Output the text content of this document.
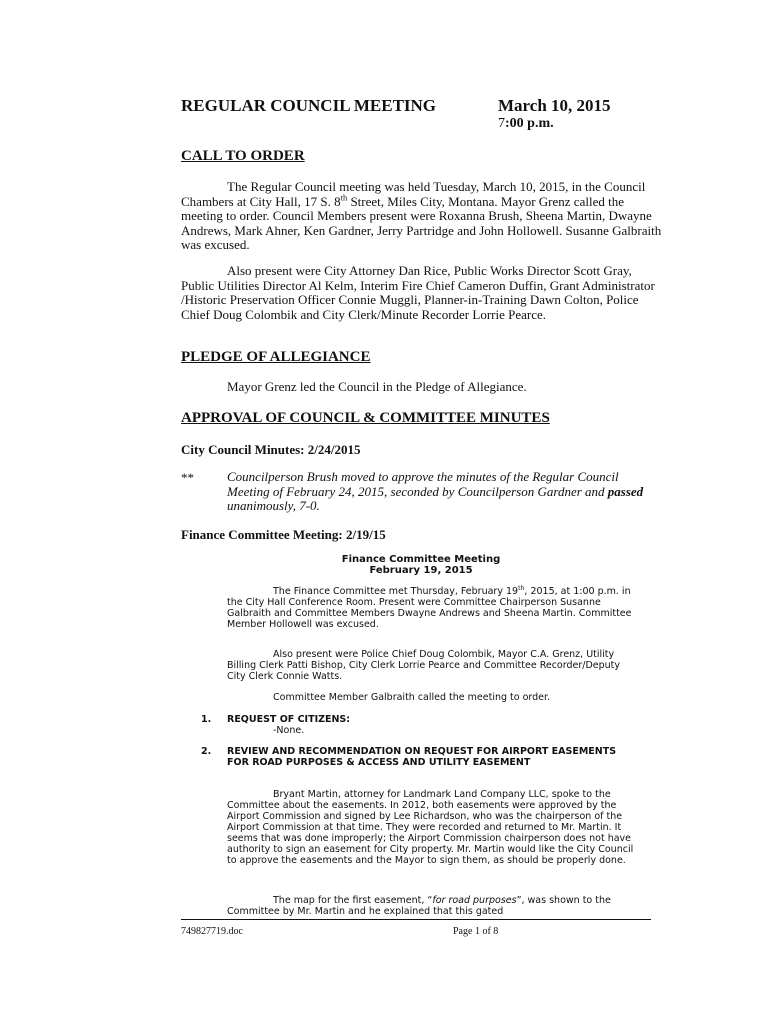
REGULAR COUNCIL MEETING	March 10, 2015
7:00 p.m.
CALL TO ORDER
The Regular Council meeting was held Tuesday, March 10, 2015, in the Council Chambers at City Hall, 17 S. 8th Street, Miles City, Montana. Mayor Grenz called the meeting to order. Council Members present were Roxanna Brush, Sheena Martin, Dwayne Andrews, Mark Ahner, Ken Gardner, Jerry Partridge and John Hollowell. Susanne Galbraith was excused.
Also present were City Attorney Dan Rice, Public Works Director Scott Gray, Public Utilities Director Al Kelm, Interim Fire Chief Cameron Duffin, Grant Administrator /Historic Preservation Officer Connie Muggli, Planner-in-Training Dawn Colton, Police Chief Doug Colombik and City Clerk/Minute Recorder Lorrie Pearce.
PLEDGE OF ALLEGIANCE
Mayor Grenz led the Council in the Pledge of Allegiance.
APPROVAL OF COUNCIL & COMMITTEE MINUTES
City Council Minutes: 2/24/2015
**	Councilperson Brush moved to approve the minutes of the Regular Council Meeting of February 24, 2015, seconded by Councilperson Gardner and passed unanimously, 7-0.
Finance Committee Meeting: 2/19/15
Finance Committee Meeting
February 19, 2015
The Finance Committee met Thursday, February 19th, 2015, at 1:00 p.m. in the City Hall Conference Room. Present were Committee Chairperson Susanne Galbraith and Committee Members Dwayne Andrews and Sheena Martin. Committee Member Hollowell was excused.
Also present were Police Chief Doug Colombik, Mayor C.A. Grenz, Utility Billing Clerk Patti Bishop, City Clerk Lorrie Pearce and Committee Recorder/Deputy City Clerk Connie Watts.
Committee Member Galbraith called the meeting to order.
1. REQUEST OF CITIZENS:
-None.
2. REVIEW AND RECOMMENDATION ON REQUEST FOR AIRPORT EASEMENTS FOR ROAD PURPOSES & ACCESS AND UTILITY EASEMENT
Bryant Martin, attorney for Landmark Land Company LLC, spoke to the Committee about the easements. In 2012, both easements were approved by the Airport Commission and signed by Lee Richardson, who was the chairperson of the Airport Commission at that time. They were recorded and returned to Mr. Martin. It seems that was done improperly; the Airport Commission chairperson does not have authority to sign an easement for City property. Mr. Martin would like the City Council to approve the easements and the Mayor to sign them, as should be properly done.
The map for the first easement, “for road purposes”, was shown to the Committee by Mr. Martin and he explained that this gated
749827719.doc	Page 1 of 8
